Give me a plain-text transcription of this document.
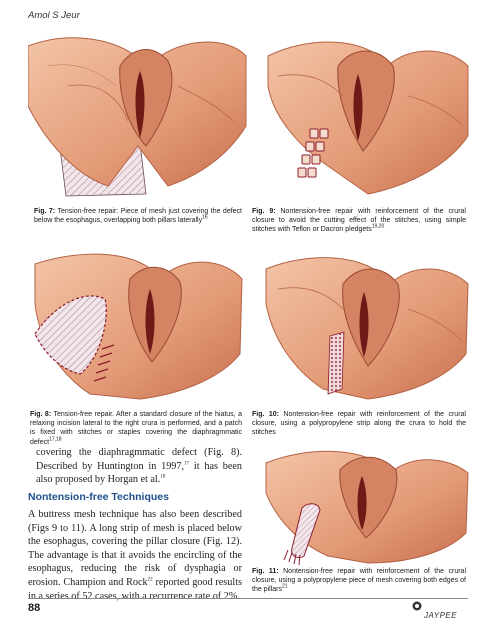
Amol S Jeur
Fig. 7: Tension-free repair: Piece of mesh just covering the defect below the esophagus, overlapping both pillars laterally$^{16}$
Fig. 9: Nontension-free repair with reinforcement of the crural closure to avoid the cutting effect of the stitches, using simple stitches with Teflon or Dacron pledgets$^{19,20}$
Fig. 8: Tension-free repair. After a standard closure of the hiatus, a relaxing incision lateral to the right crura is performed, and a patch is fixed with stitches or staples covering the diaphragmmatic defect$^{17,18}$
Fig. 10: Nontension-free repair with reinforcement of the crural closure, using a polypropylene strip along the crura to hold the stitches
covering the diaphragmmatic defect (Fig. 8). Described by Huntington in 1997,17 it has been also proposed by Horgan et al.$^{18}$
Nontension-free Techniques
A buttress mesh technique has also been described (Figs 9 to 11). A long strip of mesh is placed below the esophagus, covering the pillar closure (Fig. 12). The advantage is that it avoids the encircling of the esophagus, reducing the risk of dysphagia or erosion. Champion and Rock$^{22}$ reported good results in a series of 52 cases, with a recurrence rate of 2%.
Fig. 11: Nontension-free repair with reinforcement of the crural closure, using a polypropylene piece of mesh covering both edges of the pillars$^{21}$
88
JAYPEE
